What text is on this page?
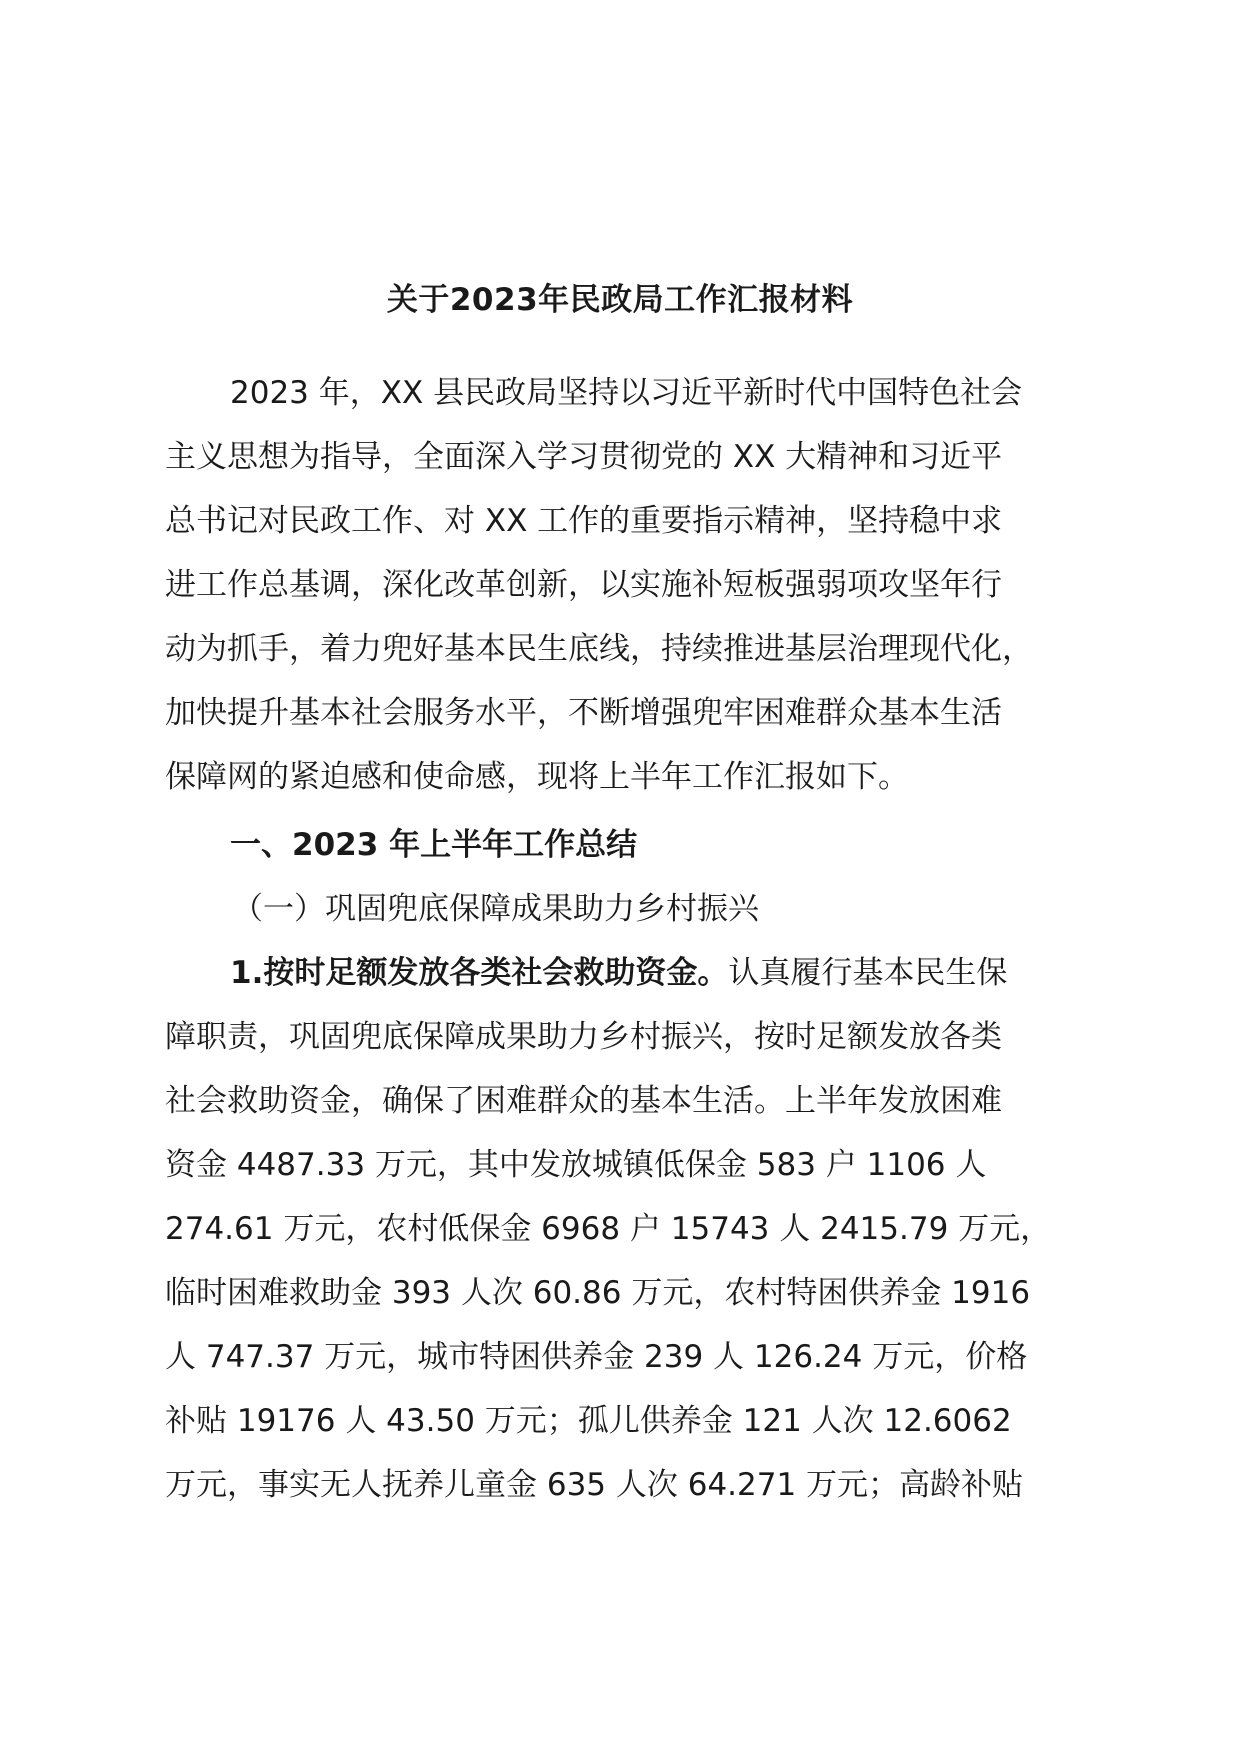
关于2023年民政局工作汇报材料

2023 年，XX 县民政局坚持以习近平新时代中国特色社会

主义思想为指导，全面深入学习贯彻党的 XX 大精神和习近平

总书记对民政工作、对 XX 工作的重要指示精神，坚持稳中求

进工作总基调，深化改革创新，以实施补短板强弱项攻坚年行

动为抓手，着力兜好基本民生底线，持续推进基层治理现代化，

加快提升基本社会服务水平，不断增强兜牢困难群众基本生活

保障网的紧迫感和使命感，现将上半年工作汇报如下。

一、2023 年上半年工作总结
（一）巩固兜底保障成果助力乡村振兴

1.按时足额发放各类社会救助资金。认真履行基本民生保

障职责，巩固兜底保障成果助力乡村振兴，按时足额发放各类

社会救助资金，确保了困难群众的基本生活。上半年发放困难

资金 4487.33 万元，其中发放城镇低保金 583 户 1106 人

274.61 万元，农村低保金 6968 户 15743 人 2415.79 万元，

临时困难救助金 393 人次 60.86 万元，农村特困供养金 1916

人 747.37 万元，城市特困供养金 239 人 126.24 万元，价格

补贴 19176 人 43.50 万元；孤儿供养金 121 人次 12.6062

万元，事实无人抚养儿童金 635 人次 64.271 万元；高龄补贴
